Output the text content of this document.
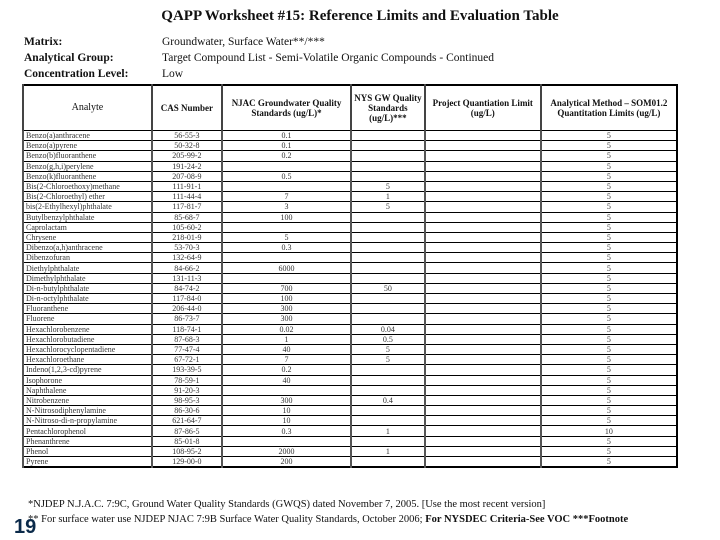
QAPP Worksheet #15: Reference Limits and Evaluation Table
Matrix:	Groundwater, Surface Water**/***
Analytical Group:	Target Compound List - Semi-Volatile Organic Compounds - Continued
Concentration Level:	Low
Analyte	CAS Number	NJAC Groundwater Quality Standards (ug/L)*	NYS GW Quality Standards (ug/L)***	Project Quantiation Limit (ug/L)	Analytical Method – SOM01.2 Quantitation Limits (ug/L)
Benzo(a)anthracene	56-55-3	0.1			5
Benzo(a)pyrene	50-32-8	0.1			5
Benzo(b)fluoranthene	205-99-2	0.2			5
Benzo(g,h,i)perylene	191-24-2				5
Benzo(k)fluoranthene	207-08-9	0.5			5
Bis(2-Chloroethoxy)methane	111-91-1		5		5
Bis(2-Chloroethyl) ether	111-44-4	7	1		5
bis(2-Ethylhexyl)phthalate	117-81-7	3	5		5
Butylbenzylphthalate	85-68-7	100			5
Caprolactam	105-60-2				5
Chrysene	218-01-9	5			5
Dibenzo(a,h)anthracene	53-70-3	0.3			5
Dibenzofuran	132-64-9				5
Diethylphthalate	84-66-2	6000			5
Dimethylphthalate	131-11-3				5
Di-n-butylphthalate	84-74-2	700	50		5
Di-n-octylphthalate	117-84-0	100			5
Fluoranthene	206-44-0	300			5
Fluorene	86-73-7	300			5
Hexachlorobenzene	118-74-1	0.02	0.04		5
Hexachlorobutadiene	87-68-3	1	0.5		5
Hexachlorocyclopentadiene	77-47-4	40	5		5
Hexachloroethane	67-72-1	7	5		5
Indeno(1,2,3-cd)pyrene	193-39-5	0.2			5
Isophorone	78-59-1	40			5
Naphthalene	91-20-3				5
Nitrobenzene	98-95-3	300	0.4		5
N-Nitrosodiphenylamine	86-30-6	10			5
N-Nitroso-di-n-propylamine	621-64-7	10			5
Pentachlorophenol	87-86-5	0.3	1		10
Phenanthrene	85-01-8				5
Phenol	108-95-2	2000	1		5
Pyrene	129-00-0	200			5
*NJDEP N.J.A.C. 7:9C, Ground Water Quality Standards (GWQS) dated November 7, 2005. [Use the most recent version]
** For surface water use NJDEP NJAC 7:9B Surface Water Quality Standards, October 2006; For NYSDEC Criteria-See VOC ***Footnote
19
